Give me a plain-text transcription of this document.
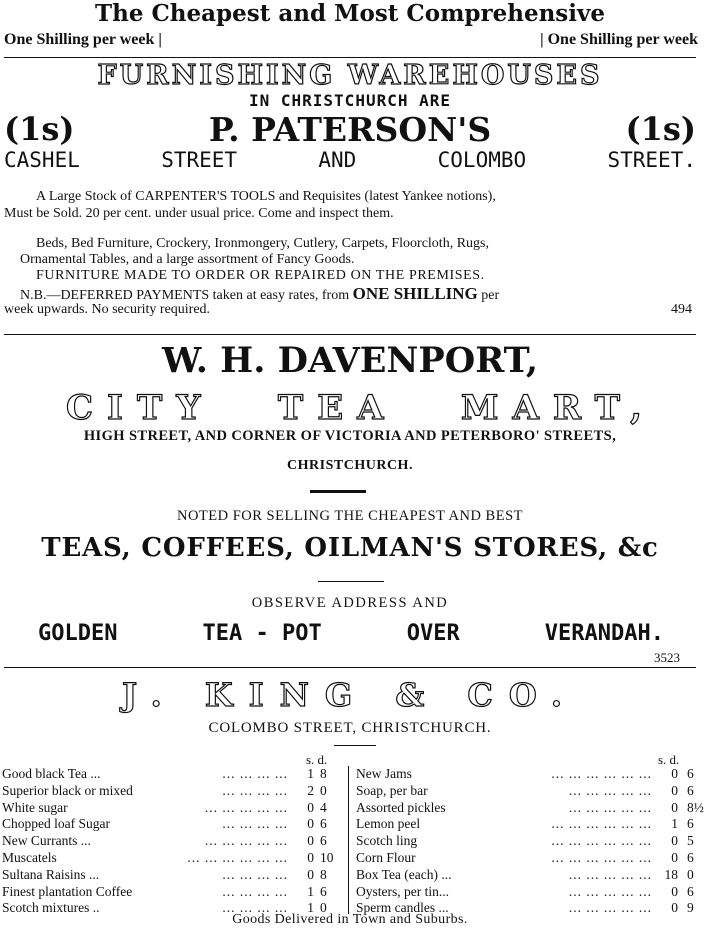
The Cheapest and Most Comprehensive
One Shilling per week |	| One Shilling per week
FURNISHING WAREHOUSES
IN CHRISTCHURCH ARE
(1s)	P. PATERSON'S	(1s)
CASHEL	STREET	AND	COLOMBO	STREET.
A Large Stock of CARPENTER'S TOOLS and Requisites (latest Yankee notions),
Must be Sold. 20 per cent. under usual price. Come and inspect them.
Beds, Bed Furniture, Crockery, Ironmongery, Cutlery, Carpets, Floorcloth, Rugs,
Ornamental Tables, and a large assortment of Fancy Goods.
FURNITURE MADE TO ORDER OR REPAIRED ON THE PREMISES.
N.B.—DEFERRED PAYMENTS taken at easy rates, from ONE SHILLING per
week upwards. No security required.	494
W. H. DAVENPORT,
CITY TEA MART,
HIGH STREET, AND CORNER OF VICTORIA AND PETERBORO' STREETS,
CHRISTCHURCH.
NOTED FOR SELLING THE CHEAPEST AND BEST
TEAS, COFFEES, OILMAN'S STORES, &c
OBSERVE ADDRESS AND
GOLDEN	TEA - POT	OVER	VERANDAH.
3523
J. KING & CO.
COLOMBO STREET, CHRISTCHURCH.
s. d.	s. d.
Good black Tea ...	1 8
... ... ... ...
Superior black or mixed	2 0
... ... ... ...
White sugar	0 4
... ... ... ... ...
Chopped loaf Sugar	0 6
... ... ... ...
New Currants ...	0 6
... ... ... ... ...
Muscatels	0 10
... ... ... ... ... ...
Sultana Raisins ...	0 8
... ... ... ...
Finest plantation Coffee	1 6
... ... ... ...
Scotch mixtures ..	1 0
... ... ... ...
New Jams	0 6
... ... ... ... ... ...
Soap, per bar	0 6
... ... ... ... ...
Assorted pickles	0 8½
... ... ... ... ...
Lemon peel	1 6
... ... ... ... ... ...
Scotch ling	0 5
... ... ... ... ... ...
Corn Flour	0 6
... ... ... ... ... ...
Box Tea (each) ...	18 0
... ... ... ... ...
Oysters, per tin...	0 6
... ... ... ... ...
Sperm candles ...	0 9
... ... ... ... ...
Goods Delivered in Town and Suburbs.
